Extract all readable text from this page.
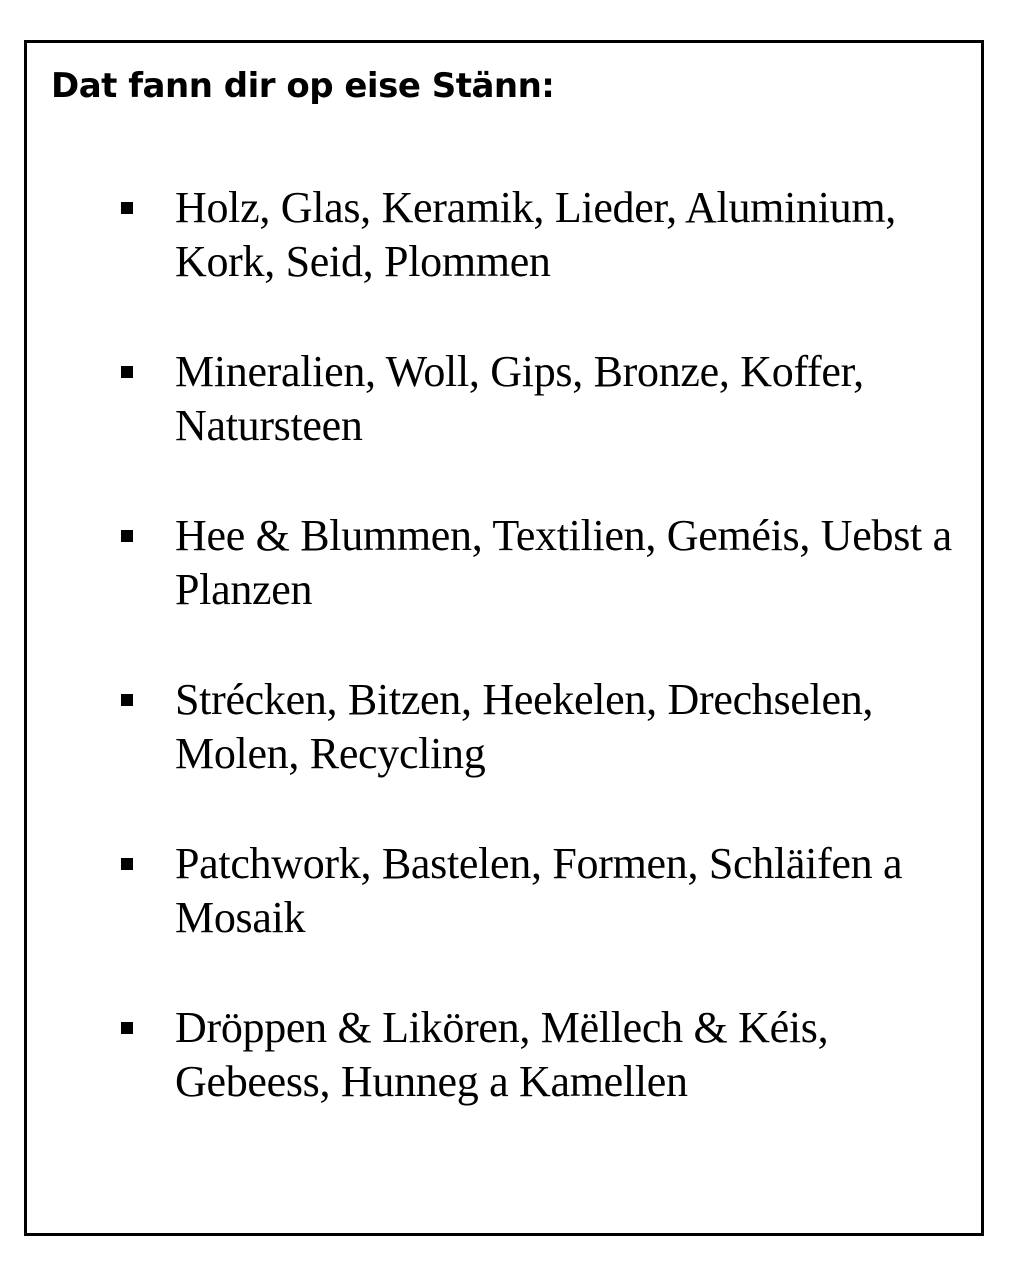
Dat fann dir op eise Stänn:
Holz, Glas, Keramik, Lieder, Aluminium, Kork, Seid, Plommen
Mineralien, Woll, Gips, Bronze, Koffer, Natursteen
Hee & Blummen, Textilien, Geméis, Uebst a Planzen
Strécken, Bitzen, Heekelen, Drechselen, Molen, Recycling
Patchwork, Bastelen, Formen, Schläifen a Mosaik
Dröppen & Likören, Mëllech & Kéis, Gebeess, Hunneg a Kamellen
